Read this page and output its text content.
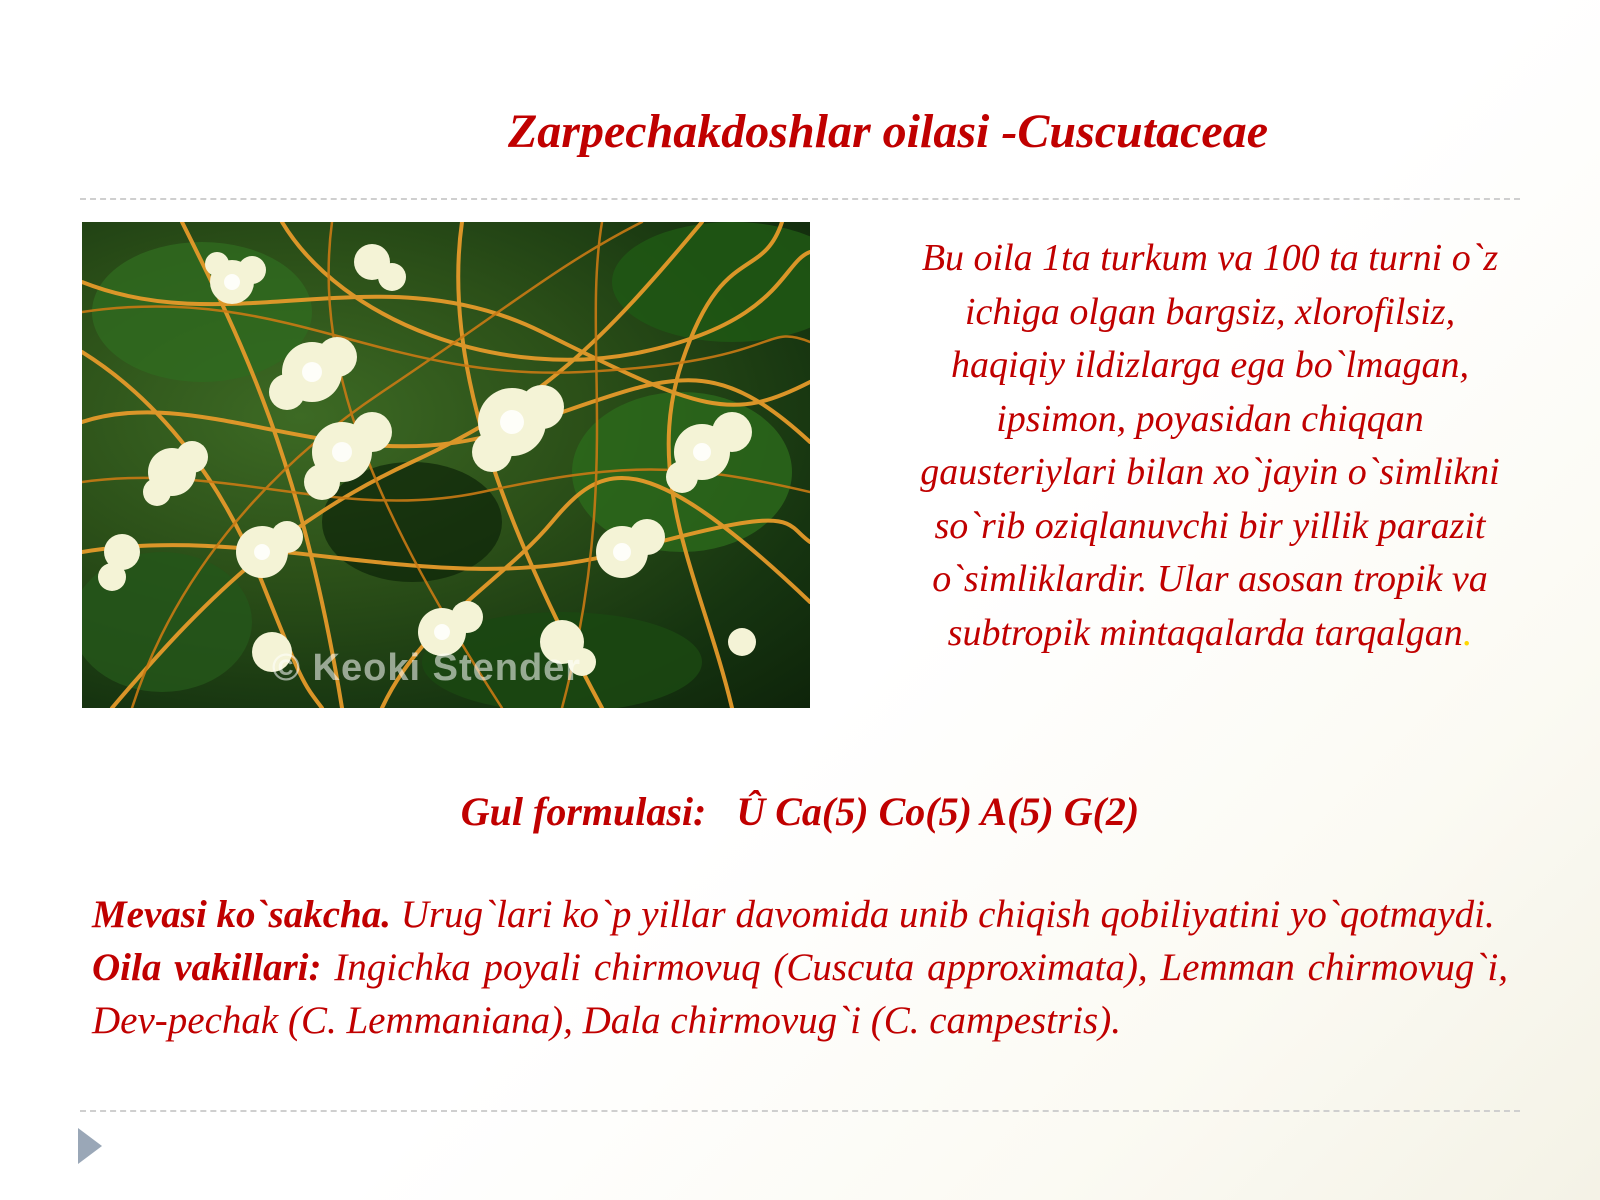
Zarpechakdoshlar oilasi -Cuscutaceae
© Keoki Stender

Bu oila 1ta turkum va 100 ta turni o`z
ichiga olgan bargsiz, xlorofilsiz,
haqiqiy ildizlarga ega bo`lmagan,
ipsimon, poyasidan chiqqan
gausteriylari bilan xo`jayin o`simlikni
so`rib oziqlanuvchi bir yillik parazit
o`simliklardir. Ular asosan tropik va
subtropik mintaqalarda tarqalgan.

Gul formulasi: Û Ca(5) Co(5) A(5) G(2)

Mevasi ko`sakcha. Urug`lari ko`p yillar davomida unib chiqish qobiliyatini yo`qotmaydi.

Oila vakillari: Ingichka poyali chirmovuq (Cuscuta approximata), Lemman chirmovug`i, Dev-pechak (C. Lemmaniana), Dala chirmovug`i (C. campestris).
